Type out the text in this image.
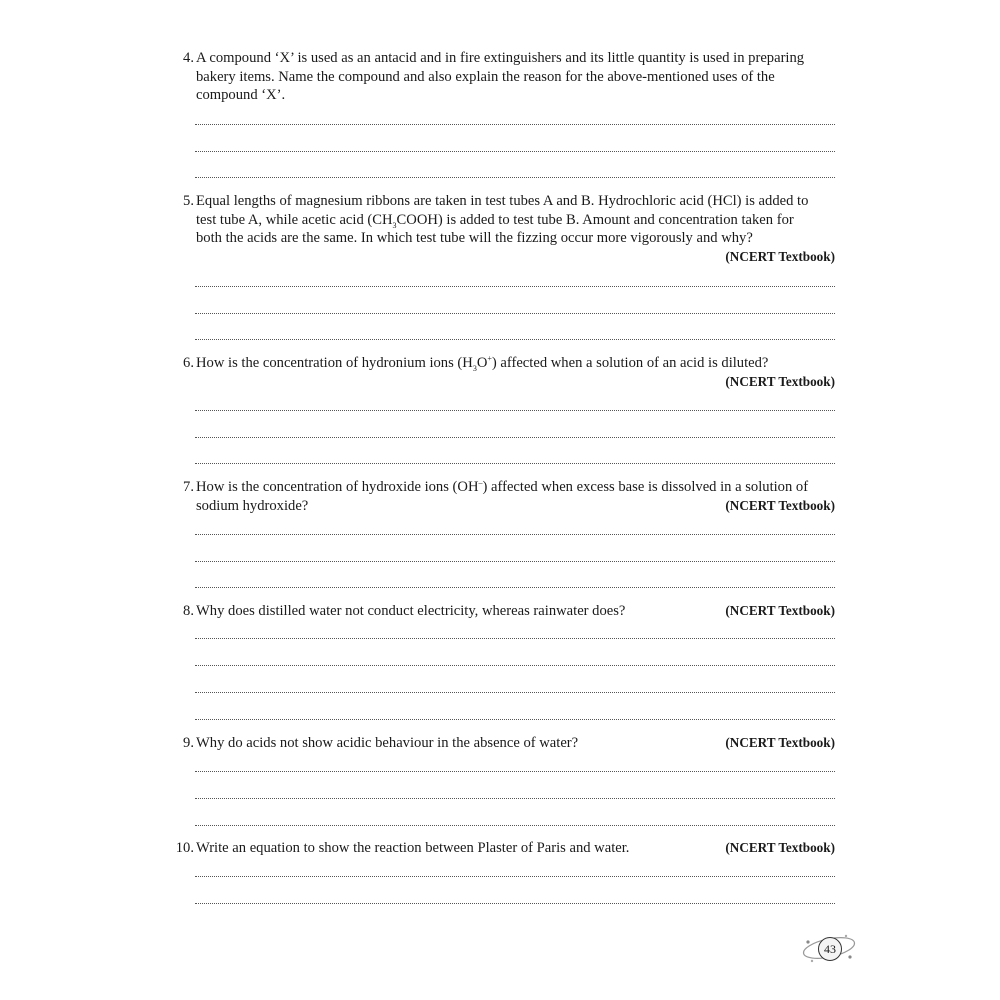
4. A compound ‘X’ is used as an antacid and in fire extinguishers and its little quantity is used in preparing
bakery items. Name the compound and also explain the reason for the above-mentioned uses of the
compound ‘X’.
5. Equal lengths of magnesium ribbons are taken in test tubes A and B. Hydrochloric acid (HCl) is added to
test tube A, while acetic acid $(CH_3COOH)$ is added to test tube B. Amount and concentration taken for
both the acids are the same. In which test tube will the fizzing occur more vigorously and why?
(NCERT Textbook)
6. How is the concentration of hydronium ions $(H_3O^+)$ affected when a solution of an acid is diluted?
(NCERT Textbook)
7. How is the concentration of hydroxide ions (OH–) affected when excess base is dissolved in a solution of
(NCERT Textbook)
sodium hydroxide?
8.	(NCERT Textbook)
Why does distilled water not conduct electricity, whereas rainwater does?
9.	(NCERT Textbook)
Why do acids not show acidic behaviour in the absence of water?
10.	(NCERT Textbook)
Write an equation to show the reaction between Plaster of Paris and water.
43
